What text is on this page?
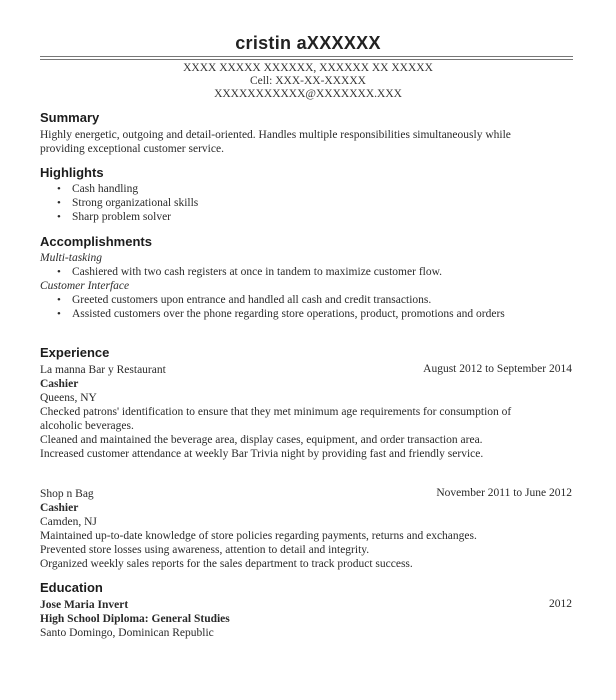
cristin aXXXXXX
XXXX XXXXX XXXXXX, XXXXXX XX XXXXX
Cell: XXX-XX-XXXXX
XXXXXXXXXXX@XXXXXXX.XXX
Summary
Highly energetic, outgoing and detail-oriented. Handles multiple responsibilities simultaneously while
providing exceptional customer service.
Highlights
• Cash handling
• Strong organizational skills
• Sharp problem solver
Accomplishments
Multi-tasking
• Cashiered with two cash registers at once in tandem to maximize customer flow.
Customer Interface
• Greeted customers upon entrance and handled all cash and credit transactions.
• Assisted customers over the phone regarding store operations, product, promotions and orders
Experience
La manna Bar y Restaurant	August 2012 to September 2014
Cashier
Queens, NY
Checked patrons' identification to ensure that they met minimum age requirements for consumption of
alcoholic beverages.
Cleaned and maintained the beverage area, display cases, equipment, and order transaction area.
Increased customer attendance at weekly Bar Trivia night by providing fast and friendly service.
Shop n Bag	November 2011 to June 2012
Cashier
Camden, NJ
Maintained up-to-date knowledge of store policies regarding payments, returns and exchanges.
Prevented store losses using awareness, attention to detail and integrity.
Organized weekly sales reports for the sales department to track product success.
Education
Jose Maria Invert	2012
High School Diploma: General Studies
Santo Domingo, Dominican Republic
